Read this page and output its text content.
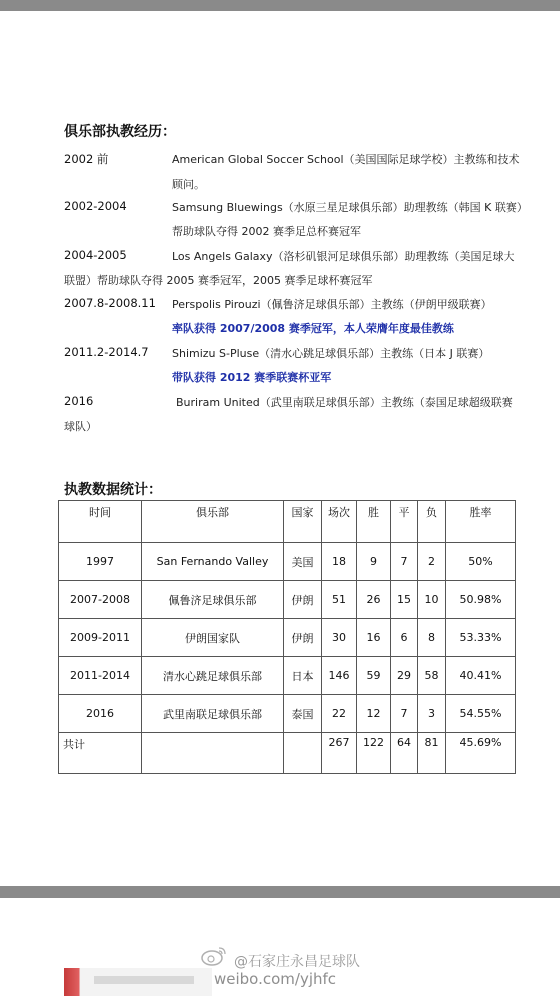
俱乐部执教经历：
2002 前	American Global Soccer School（美国国际足球学校）主教练和技术
顾问。
2002-2004	Samsung Bluewings（水原三星足球俱乐部）助理教练（韩国 K 联赛）
帮助球队夺得 2002 赛季足总杯赛冠军
2004-2005	Los Angels Galaxy（洛杉矶银河足球俱乐部）助理教练（美国足球大
联盟）帮助球队夺得 2005 赛季冠军，2005 赛季足球杯赛冠军
2007.8-2008.11 Perspolis Pirouzi（佩鲁济足球俱乐部）主教练（伊朗甲级联赛）
率队获得 2007/2008 赛季冠军，本人荣膺年度最佳教练
2011.2-2014.7 Shimizu S-Pluse（清水心跳足球俱乐部）主教练（日本 J 联赛）
带队获得 2012 赛季联赛杯亚军
2016	Buriram United（武里南联足球俱乐部）主教练（泰国足球超级联赛
球队）
执教数据统计：
时间	俱乐部	国家	场次	胜	平	负	胜率
1997	San Fernando Valley	美国	18	9	7	2	50%
2007-2008	佩鲁济足球俱乐部	伊朗	51	26	15	10	50.98%
2009-2011	伊朗国家队	伊朗	30	16	6	8	53.33%
2011-2014	清水心跳足球俱乐部	日本	146	59	29	58	40.41%
2016	武里南联足球俱乐部	泰国	22	12	7	3	54.55%
共计			267	122	64	81	45.69%
@石家庄永昌足球队
weibo.com/yjhfc
